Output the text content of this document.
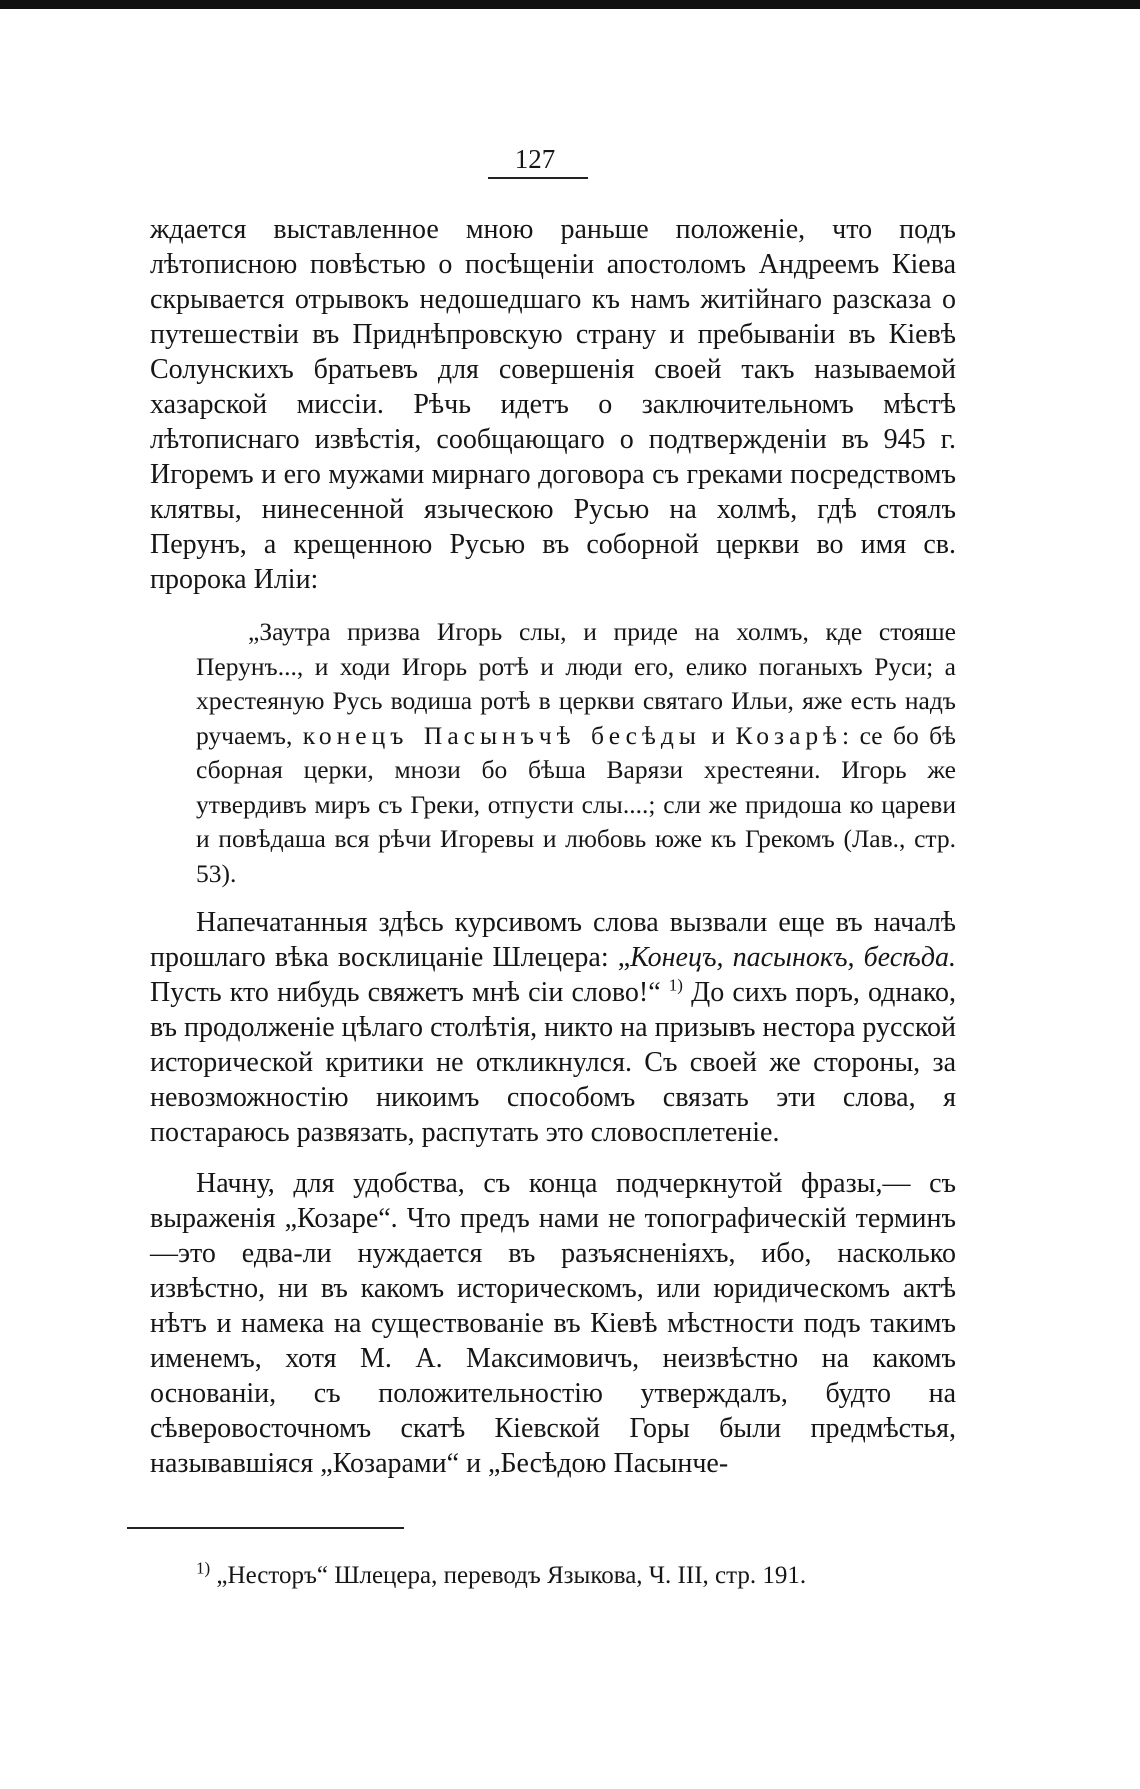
127

ждается выставленное мною раньше положеніе, что подъ лѣтописною повѣстью о посѣщеніи апостоломъ Андреемъ Кіева скрывается отрывокъ недошедшаго къ намъ житійнаго разсказа о путешествіи въ Приднѣпровскую страну и пребываніи въ Кіевѣ Солунскихъ братьевъ для совершенія своей такъ называемой хазарской миссіи. Рѣчь идетъ о заключительномъ мѣстѣ лѣтописнаго извѣстія, сообщающаго о подтвержденіи въ 945 г. Игоремъ и его мужами мирнаго договора съ греками посредствомъ клятвы, нинесенной языческою Русью на холмѣ, гдѣ стоялъ Перунъ, а крещенною Русью въ соборной церкви во имя св. пророка Иліи:

„Заутра призва Игорь слы, и приде на холмъ, кде стояше Перунъ..., и ходи Игорь ротѣ и люди его, елико поганыхъ Руси; а хрестеяную Русь водиша ротѣ в церкви святаго Ильи, яже есть надъ ручаемъ, конецъ Пасынъчѣ бесѣды и Козарѣ: се бо бѣ сборная церки, мнози бо бѣша Варязи хрестеяни. Игорь же утвердивъ миръ съ Греки, отпусти слы....; сли же придоша ко цареви и повѣдаша вся рѣчи Игоревы и любовь юже къ Грекомъ (Лав., стр. 53).

Напечатанныя здѣсь курсивомъ слова вызвали еще въ началѣ прошлаго вѣка восклицаніе Шлецера: „Конецъ, пасынокъ, бесѣда. Пусть кто нибудь свяжетъ мнѣ сіи слово!“ $^{1)}$ До сихъ поръ, однако, въ продолженіе цѣлаго столѣтія, никто на призывъ нестора русской исторической критики не откликнулся. Съ своей же стороны, за невозможностію никоимъ способомъ связать эти слова, я постараюсь развязать, распутать это словосплетеніе.

Начну, для удобства, съ конца подчеркнутой фразы,— съ выраженія „Козаре“. Что предъ нами не топографическій терминъ—это едва-ли нуждается въ разъясненіяхъ, ибо, насколько извѣстно, ни въ какомъ историческомъ, или юридическомъ актѣ нѣтъ и намека на существованіе въ Кіевѣ мѣстности подъ такимъ именемъ, хотя М. А. Максимовичъ, неизвѣстно на какомъ основаніи, съ положительностію утверждалъ, будто на сѣверовосточномъ скатѣ Кіевской Горы были предмѣстья, называвшіяся „Козарами“ и „Бесѣдою Пасынче-

$^{1)}$ „Несторъ“ Шлецера, переводъ Языкова, Ч. III, стр. 191.
